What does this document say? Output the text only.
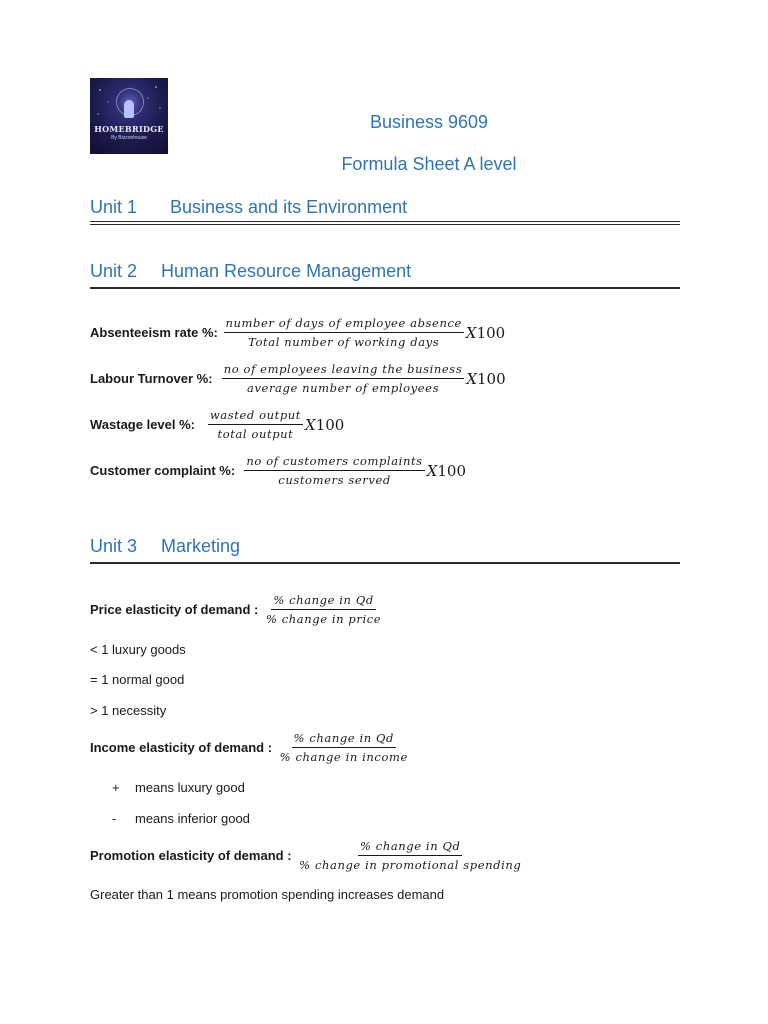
HOMEBRIDGE
By Bizzonhouse
Business 9609
Formula Sheet A level
Unit 1 Business and its Environment
Unit 2 Human Resource Management
Absenteeism rate %: $\frac{\text{number of days of employee absence}}{\text{Total number of working days}} X100$
Labour Turnover %: $\frac{\text{no of employees leaving the business}}{\text{average number of employees}} X100$
Wastage level %: $\frac{\text{wasted output}}{\text{total output}} X100$
Customer complaint %: $\frac{\text{no of customers complaints}}{\text{customers served}} X100$
Unit 3 Marketing
Price elasticity of demand : $\frac{\text{\% change in Qd}}{\text{\% change in price}}$
< 1 luxury goods
= 1 normal good
> 1 necessity
Income elasticity of demand : $\frac{\text{\% change in Qd}}{\text{\% change in income}}$
+	means luxury good
-	means inferior good
Promotion elasticity of demand : $\frac{\text{\% change in Qd}}{\text{\% change in promotional spending}}$
Greater than 1 means promotion spending increases demand
